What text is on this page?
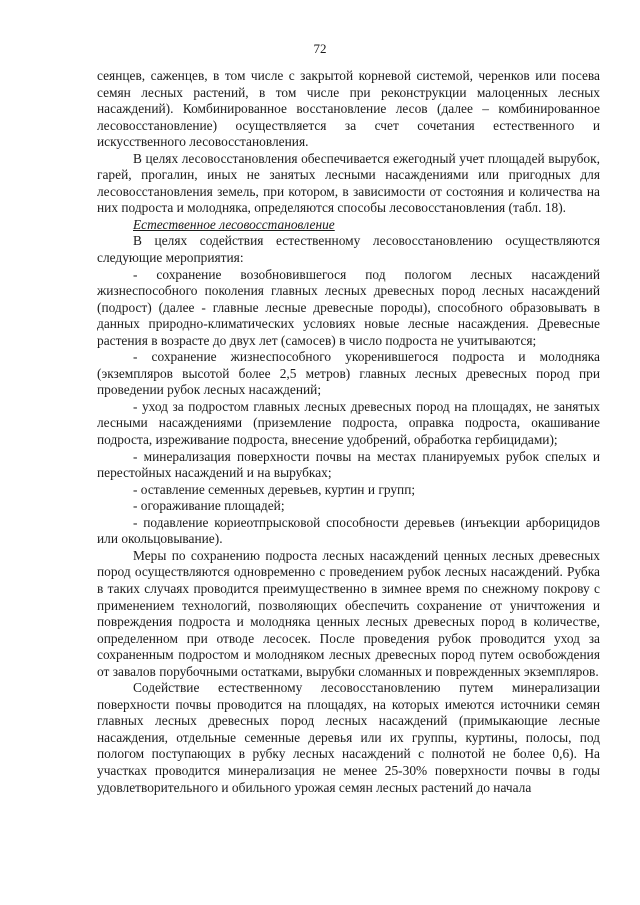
72

сеянцев, саженцев, в том числе с закрытой корневой системой, черенков или посева семян лесных растений, в том числе при реконструкции малоценных лесных насаждений). Комбинированное восстановление лесов (далее – комбинированное лесовосстановление) осуществляется за счет сочетания естественного и искусственного лесовосстановления.

В целях лесовосстановления обеспечивается ежегодный учет площадей вырубок, гарей, прогалин, иных не занятых лесными насаждениями или пригодных для лесовосстановления земель, при котором, в зависимости от состояния и количества на них подроста и молодняка, определяются способы лесовосстановления (табл. 18).

Естественное лесовосстановление

В целях содействия естественному лесовосстановлению осуществляются следующие мероприятия:

- сохранение возобновившегося под пологом лесных насаждений жизнеспособного поколения главных лесных древесных пород лесных насаждений (подрост) (далее - главные лесные древесные породы), способного образовывать в данных природно-климатических условиях новые лесные насаждения. Древесные растения в возрасте до двух лет (самосев) в число подроста не учитываются;

- сохранение жизнеспособного укоренившегося подроста и молодняка (экземпляров высотой более 2,5 метров) главных лесных древесных пород при проведении рубок лесных насаждений;

- уход за подростом главных лесных древесных пород на площадях, не занятых лесными насаждениями (приземление подроста, оправка подроста, окашивание подроста, изреживание подроста, внесение удобрений, обработка гербицидами);

- минерализация поверхности почвы на местах планируемых рубок спелых и перестойных насаждений и на вырубках;

- оставление семенных деревьев, куртин и групп;

- огораживание площадей;

- подавление кориеотпрысковой способности деревьев (инъекции арборицидов или окольцовывание).

Меры по сохранению подроста лесных насаждений ценных лесных древесных пород осуществляются одновременно с проведением рубок лесных насаждений. Рубка в таких случаях проводится преимущественно в зимнее время по снежному покрову с применением технологий, позволяющих обеспечить сохранение от уничтожения и повреждения подроста и молодняка ценных лесных древесных пород в количестве, определенном при отводе лесосек. После проведения рубок проводится уход за сохраненным подростом и молодняком лесных древесных пород путем освобождения от завалов порубочными остатками, вырубки сломанных и поврежденных экземпляров.

Содействие естественному лесовосстановлению путем минерализации поверхности почвы проводится на площадях, на которых имеются источники семян главных лесных древесных пород лесных насаждений (примыкающие лесные насаждения, отдельные семенные деревья или их группы, куртины, полосы, под пологом поступающих в рубку лесных насаждений с полнотой не более 0,6). На участках проводится минерализация не менее 25-30% поверхности почвы в годы удовлетворительного и обильного урожая семян лесных растений до начала
